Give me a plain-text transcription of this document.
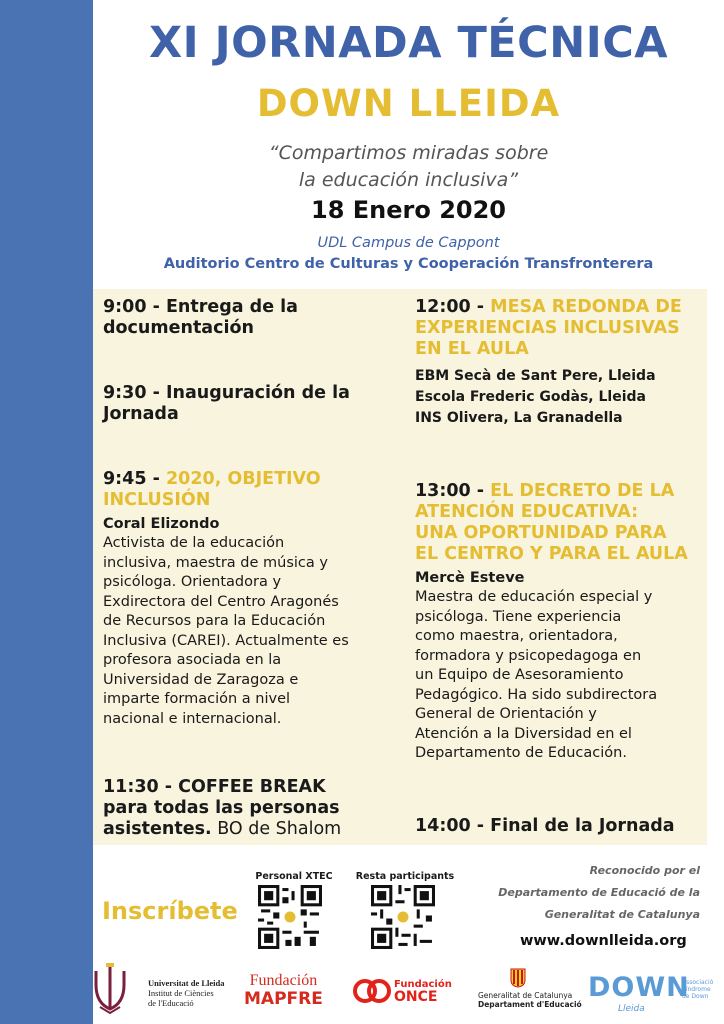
XI JORNADA TÉCNICA
DOWN LLEIDA
“Compartimos miradas sobre
la educación inclusiva”
18 Enero 2020
UDL Campus de Cappont
Auditorio Centro de Culturas y Cooperación Transfronterera
9:00 - Entrega de la
documentación
9:30 - Inauguración de la
Jornada
9:45 - 2020, OBJETIVO
INCLUSIÓN
Coral Elizondo
Activista de la educación
inclusiva, maestra de música y
psicóloga. Orientadora y
Exdirectora del Centro Aragonés
de Recursos para la Educación
Inclusiva (CAREI). Actualmente es
profesora asociada en la
Universidad de Zaragoza e
imparte formación a nivel
nacional e internacional.
11:30 - COFFEE BREAK
para todas las personas
asistentes. BO de Shalom
12:00 - MESA REDONDA DE
EXPERIENCIAS INCLUSIVAS
EN EL AULA
EBM Secà de Sant Pere, Lleida
Escola Frederic Godàs, Lleida
INS Olivera, La Granadella
13:00 - EL DECRETO DE LA
ATENCIÓN EDUCATIVA:
UNA OPORTUNIDAD PARA
EL CENTRO Y PARA EL AULA
Mercè Esteve
Maestra de educación especial y
psicóloga. Tiene experiencia
como maestra, orientadora,
formadora y psicopedagoga en
un Equipo de Asesoramiento
Pedagógico. Ha sido subdirectora
General de Orientación y
Atención a la Diversidad en el
Departamento de Educación.
14:00 - Final de la Jornada
Inscríbete
Personal XTEC	Resta participants	Reconocido por el
Departamento de Educació de la
Generalitat de Catalunya
www.downlleida.org
Universitat de Lleida
Institut de Ciències
de l'Educació
Fundación
MAPFRE
Fundación
ONCE	Generalitat de Catalunya
Departament d'Educació
DOWN
Lleida
Associació
Síndrome
de Down
